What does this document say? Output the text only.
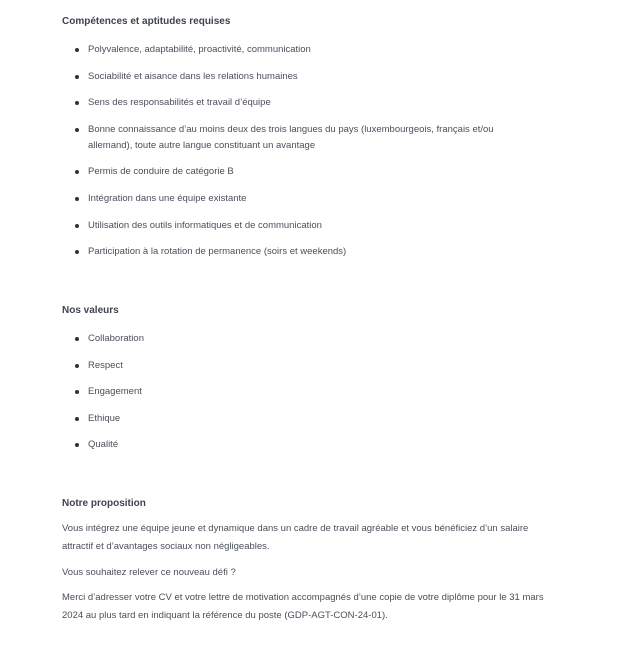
Compétences et aptitudes requises
Polyvalence, adaptabilité, proactivité, communication
Sociabilité et aisance dans les relations humaines
Sens des responsabilités et travail d’équipe
Bonne connaissance d’au moins deux des trois langues du pays (luxembourgeois, français et/ou allemand), toute autre langue constituant un avantage
Permis de conduire de catégorie B
Intégration dans une équipe existante
Utilisation des outils informatiques et de communication
Participation à la rotation de permanence (soirs et weekends)
Nos valeurs
Collaboration
Respect
Engagement
Ethique
Qualité
Notre proposition

Vous intégrez une équipe jeune et dynamique dans un cadre de travail agréable et vous bénéficiez d’un salaire attractif et d’avantages sociaux non négligeables.

Vous souhaitez relever ce nouveau défi ?

Merci d’adresser votre CV et votre lettre de motivation accompagnés d’une copie de votre diplôme pour le 31 mars 2024 au plus tard en indiquant la référence du poste (GDP-AGT-CON-24-01).
